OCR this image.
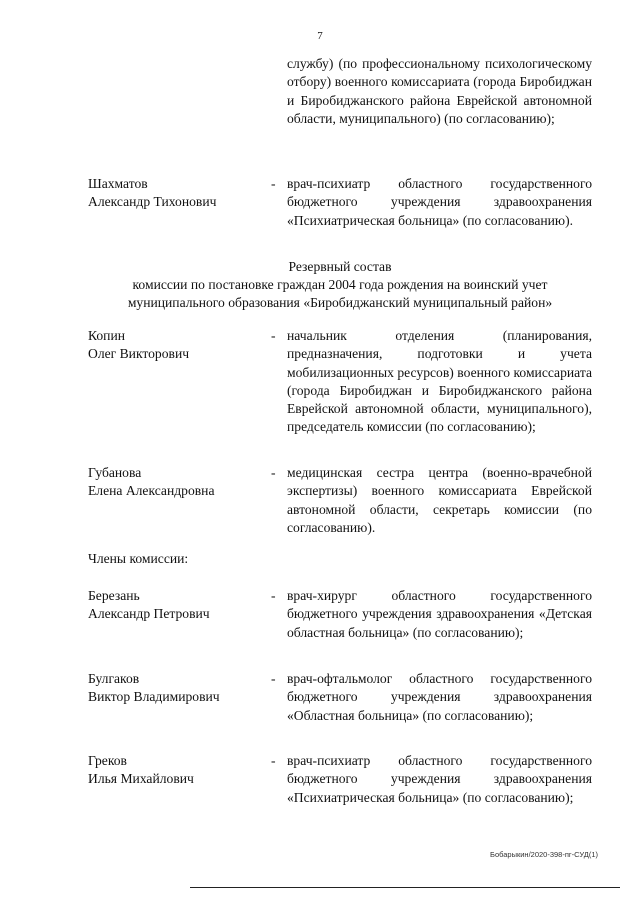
7
службу) (по профессиональному психологическому отбору) военного комиссариата (города Биробиджан и Биробиджанского района Еврейской автономной области, муниципального) (по согласованию);
Шахматов
Александр Тихонович
- врач-психиатр областного государственного бюджетного учреждения здравоохранения «Психиатрическая больница» (по согласованию).
Резервный состав
комиссии по постановке граждан 2004 года рождения на воинский учет
муниципального образования «Биробиджанский муниципальный район»
Копин
Олег Викторович
- начальник отделения (планирования, предназначения, подготовки и учета мобилизационных ресурсов) военного комиссариата (города Биробиджан и Биробиджанского района Еврейской автономной области, муниципального), председатель комиссии (по согласованию);
Губанова
Елена Александровна
- медицинская сестра центра (военно-врачебной экспертизы) военного комиссариата Еврейской автономной области, секретарь комиссии (по согласованию).
Члены комиссии:
Березань
Александр Петрович
- врач-хирург областного государственного бюджетного учреждения здравоохранения «Детская областная больница» (по согласованию);
Булгаков
Виктор Владимирович
- врач-офтальмолог областного государственного бюджетного учреждения здравоохранения «Областная больница» (по согласованию);
Греков
Илья Михайлович
- врач-психиатр областного государственного бюджетного учреждения здравоохранения «Психиатрическая больница» (по согласованию);
Бобарыкин/2020-398-пг-СУД(1)
